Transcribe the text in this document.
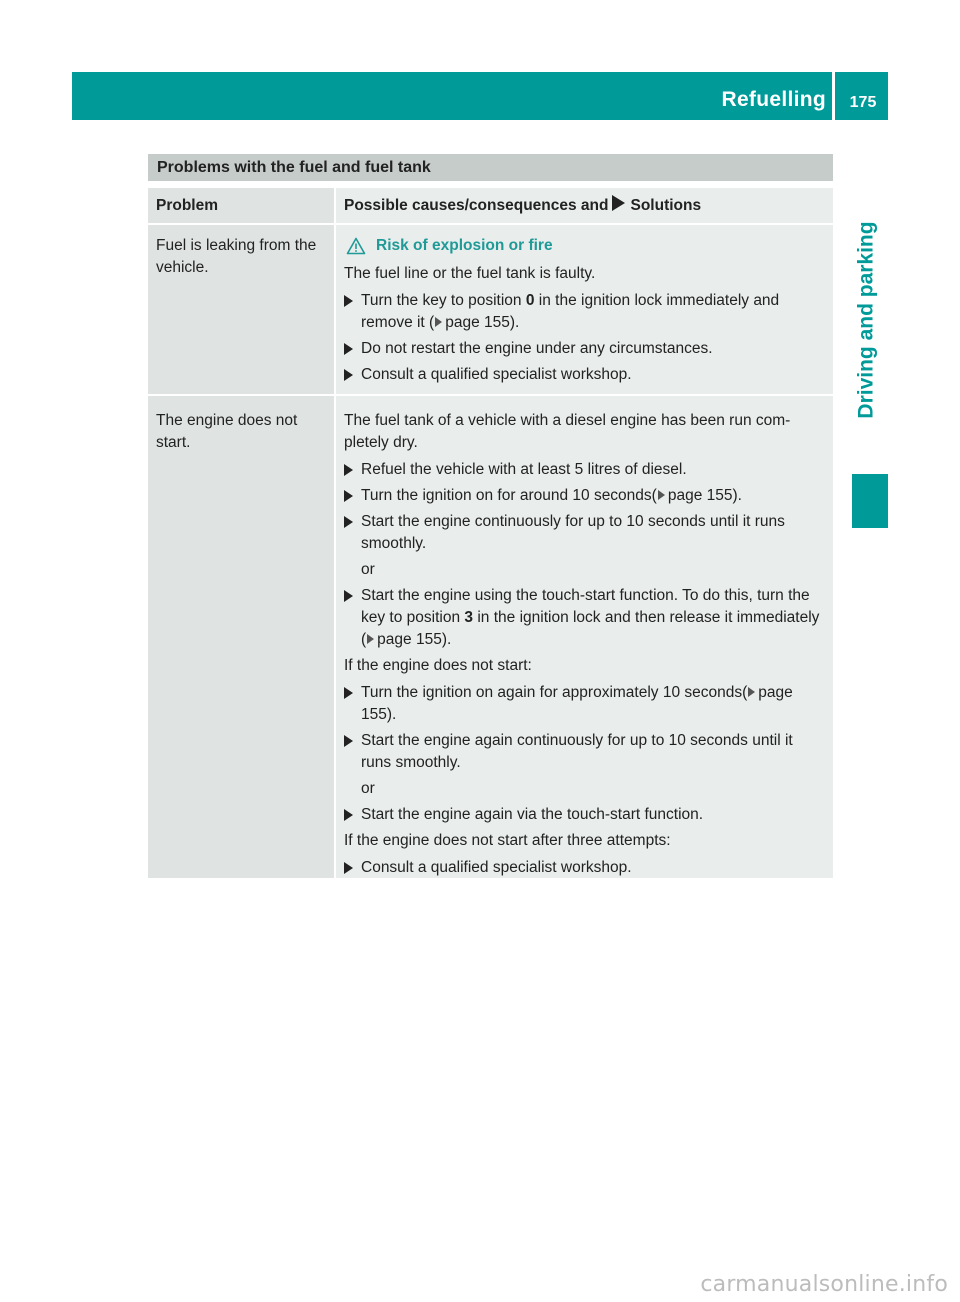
Refuelling	175
Driving and parking
Problems with the fuel and fuel tank
Problem	Possible causes/consequences and Solutions
Fuel is leaking from the vehicle.
Risk of explosion or fire
The fuel line or the fuel tank is faulty.
Turn the key to position 0 in the ignition lock immediately and remove it ( page 155).
Do not restart the engine under any circumstances.
Consult a qualified specialist workshop.
The engine does not start.
The fuel tank of a vehicle with a diesel engine has been run com- pletely dry.
Refuel the vehicle with at least 5 litres of diesel.
Turn the ignition on for around 10 seconds( page 155).
Start the engine continuously for up to 10 seconds until it runs smoothly.
or
Start the engine using the touch-start function. To do this, turn the key to position 3 in the ignition lock and then release it immediately ( page 155).
If the engine does not start:
Turn the ignition on again for approximately 10 seconds( page 155).
Start the engine again continuously for up to 10 seconds until it runs smoothly.
or
Start the engine again via the touch-start function.
If the engine does not start after three attempts:
Consult a qualified specialist workshop.
carmanualsonline.info
